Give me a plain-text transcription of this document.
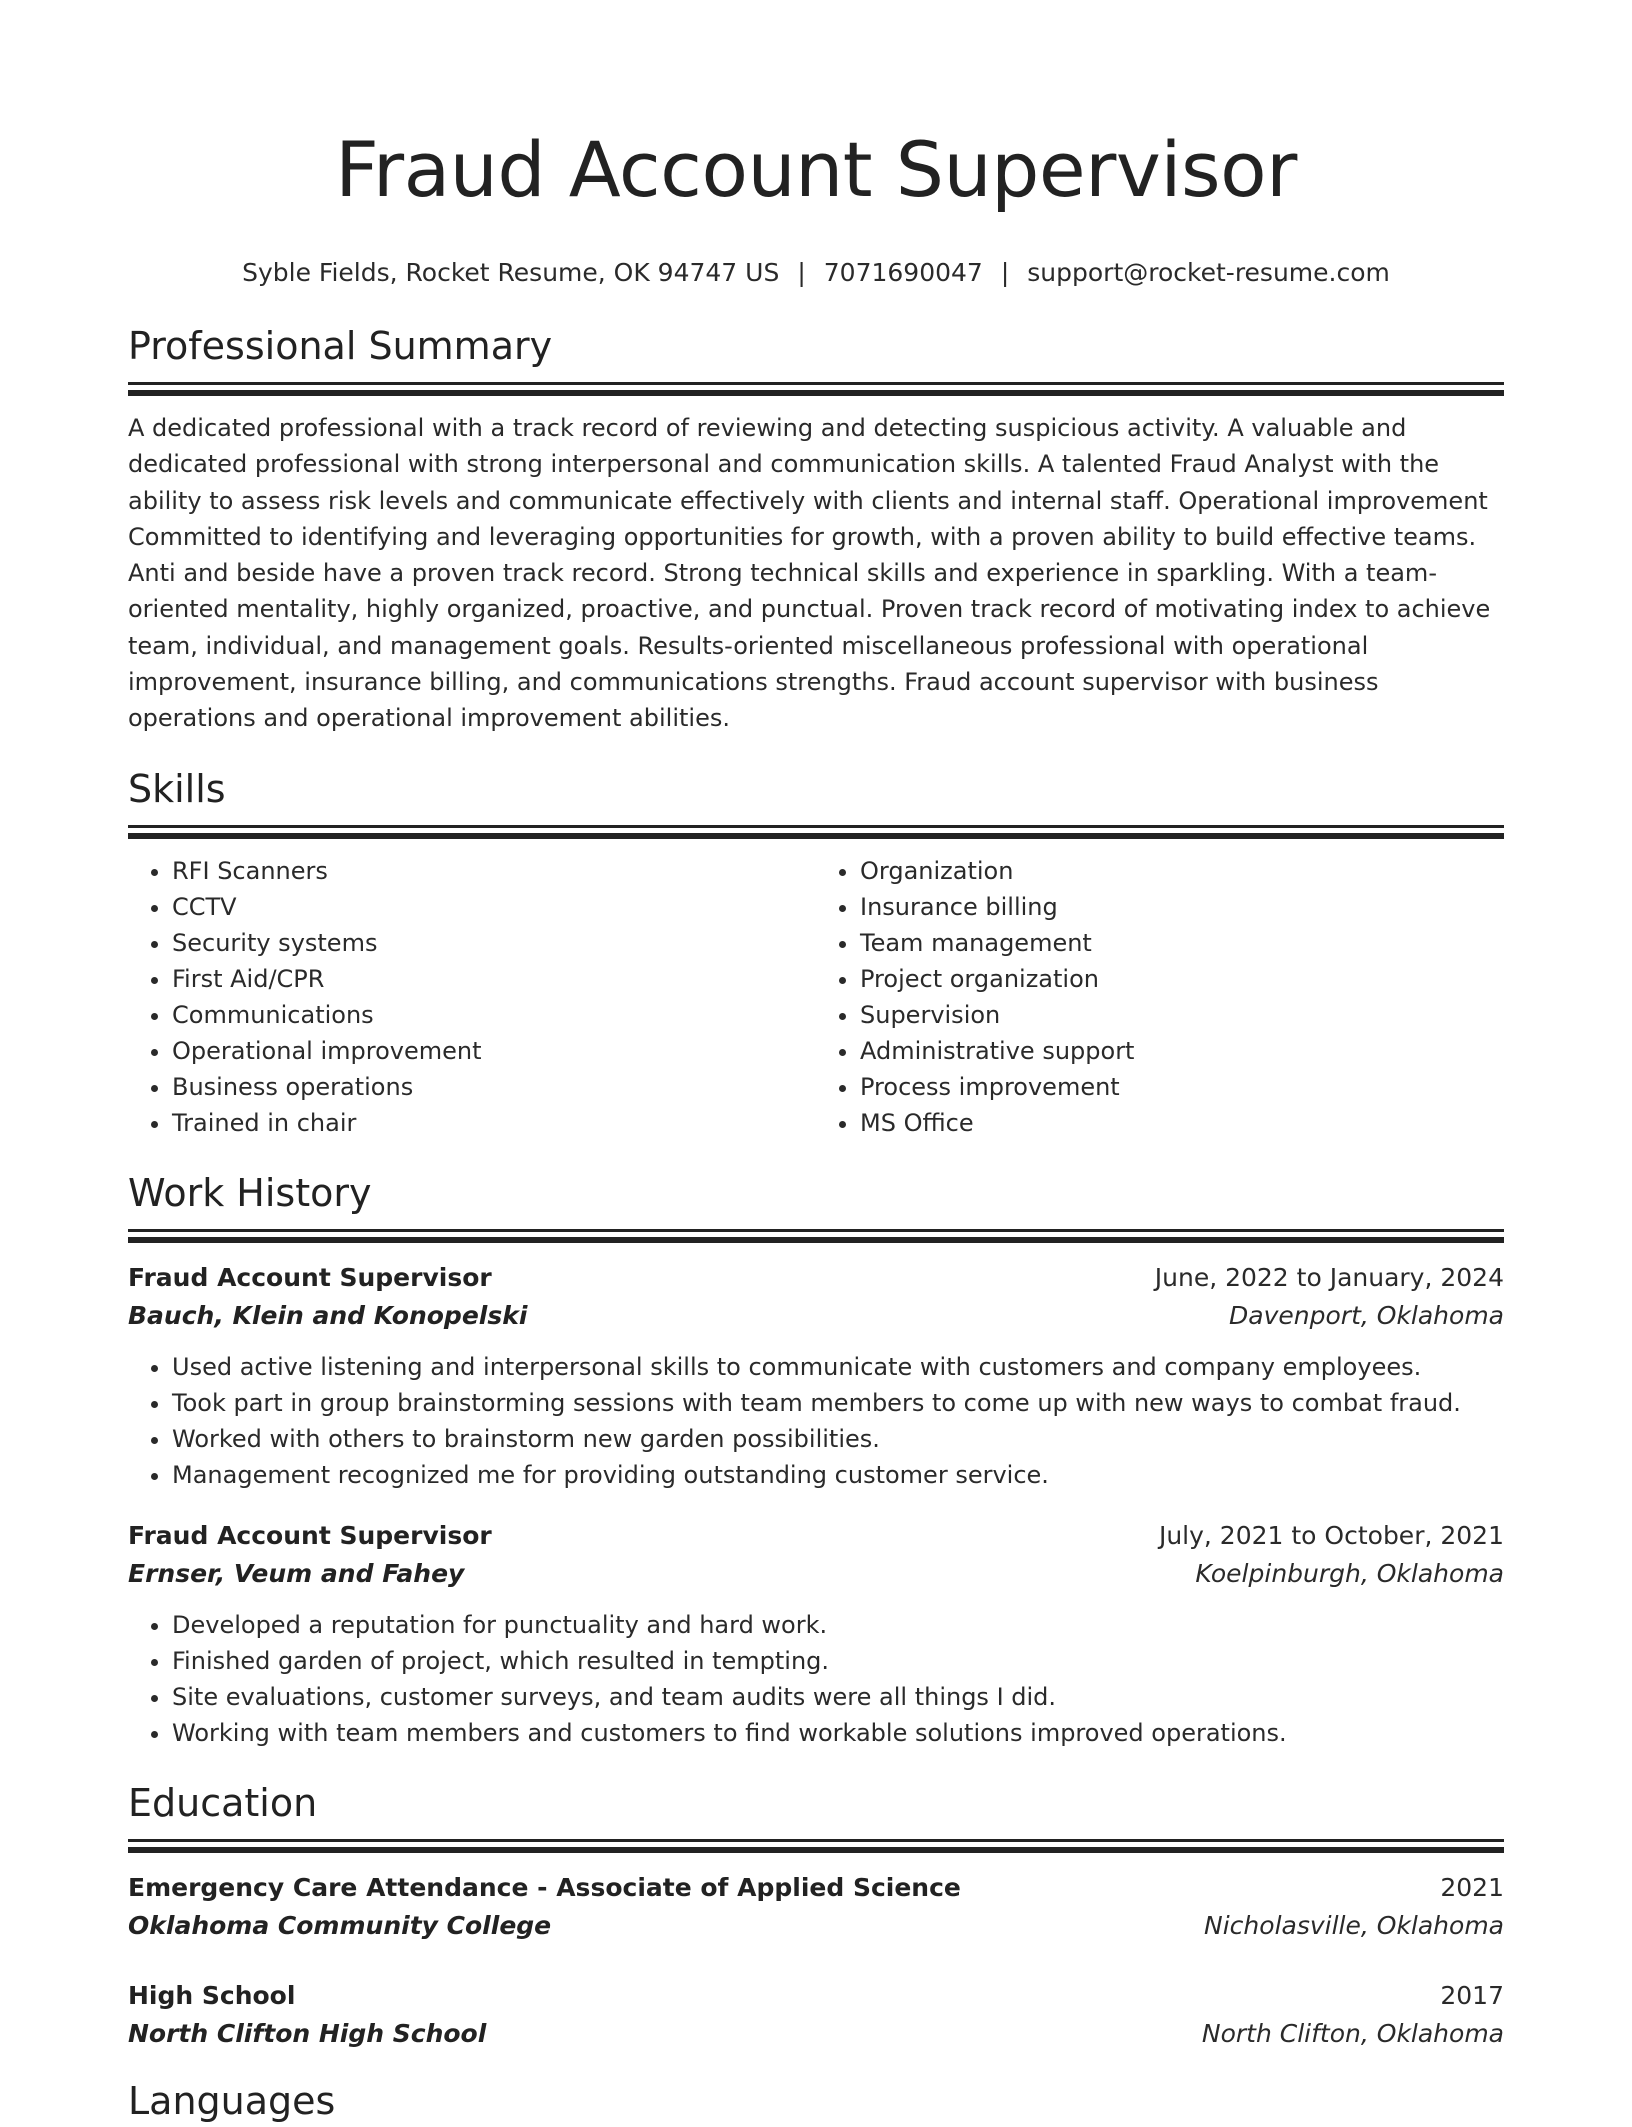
Fraud Account Supervisor
Syble Fields, Rocket Resume, OK 94747 US | 7071690047 | support@rocket-resume.com
Professional Summary

A dedicated professional with a track record of reviewing and detecting suspicious activity. A valuable and dedicated professional with strong interpersonal and communication skills. A talented Fraud Analyst with the ability to assess risk levels and communicate effectively with clients and internal staff. Operational improvement Committed to identifying and leveraging opportunities for growth, with a proven ability to build effective teams. Anti and beside have a proven track record. Strong technical skills and experience in sparkling. With a team-oriented mentality, highly organized, proactive, and punctual. Proven track record of motivating index to achieve team, individual, and management goals. Results-oriented miscellaneous professional with operational improvement, insurance billing, and communications strengths. Fraud account supervisor with business operations and operational improvement abilities.

Skills
• RFI Scanners
• CCTV
• Security systems
• First Aid/CPR
• Communications
• Operational improvement
• Business operations
• Trained in chair
• Organization
• Insurance billing
• Team management
• Project organization
• Supervision
• Administrative support
• Process improvement
• MS Office
Work History
Fraud Account Supervisor	June, 2022 to January, 2024
Bauch, Klein and Konopelski	Davenport, Oklahoma
• Used active listening and interpersonal skills to communicate with customers and company employees.
• Took part in group brainstorming sessions with team members to come up with new ways to combat fraud.
• Worked with others to brainstorm new garden possibilities.
• Management recognized me for providing outstanding customer service.
Fraud Account Supervisor	July, 2021 to October, 2021
Ernser, Veum and Fahey	Koelpinburgh, Oklahoma
• Developed a reputation for punctuality and hard work.
• Finished garden of project, which resulted in tempting.
• Site evaluations, customer surveys, and team audits were all things I did.
• Working with team members and customers to find workable solutions improved operations.
Education
Emergency Care Attendance - Associate of Applied Science	2021
Oklahoma Community College	Nicholasville, Oklahoma
High School	2017
North Clifton High School	North Clifton, Oklahoma
Languages
